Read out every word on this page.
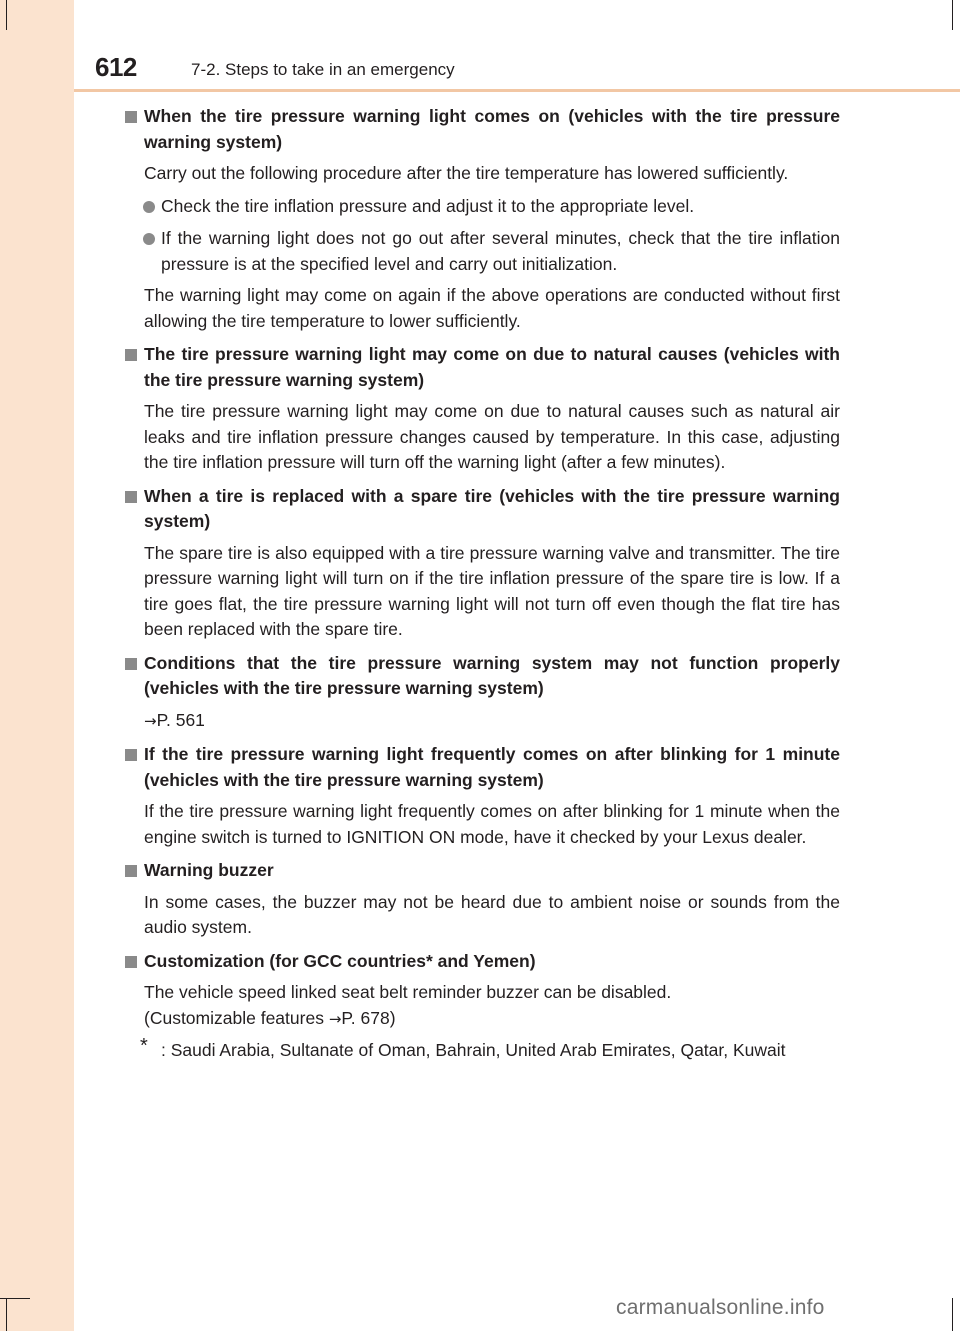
612	7-2. Steps to take in an emergency
When the tire pressure warning light comes on (vehicles with the tire pressure warning system)
Carry out the following procedure after the tire temperature has lowered sufficiently.
Check the tire inflation pressure and adjust it to the appropriate level.
If the warning light does not go out after several minutes, check that the tire inflation pressure is at the specified level and carry out initialization.
The warning light may come on again if the above operations are conducted without first allowing the tire temperature to lower sufficiently.
The tire pressure warning light may come on due to natural causes (vehicles with the tire pressure warning system)
The tire pressure warning light may come on due to natural causes such as natural air leaks and tire inflation pressure changes caused by temperature. In this case, adjusting the tire inflation pressure will turn off the warning light (after a few minutes).
When a tire is replaced with a spare tire (vehicles with the tire pressure warning system)
The spare tire is also equipped with a tire pressure warning valve and transmitter. The tire pressure warning light will turn on if the tire inflation pressure of the spare tire is low. If a tire goes flat, the tire pressure warning light will not turn off even though the flat tire has been replaced with the spare tire.
Conditions that the tire pressure warning system may not function properly (vehicles with the tire pressure warning system)
→P. 561
If the tire pressure warning light frequently comes on after blinking for 1 minute (vehicles with the tire pressure warning system)
If the tire pressure warning light frequently comes on after blinking for 1 minute when the engine switch is turned to IGNITION ON mode, have it checked by your Lexus dealer.
Warning buzzer
In some cases, the buzzer may not be heard due to ambient noise or sounds from the audio system.
Customization (for GCC countries* and Yemen)
The vehicle speed linked seat belt reminder buzzer can be disabled.
(Customizable features →P. 678)
* : Saudi Arabia, Sultanate of Oman, Bahrain, United Arab Emirates, Qatar, Kuwait
carmanualsonline.info
